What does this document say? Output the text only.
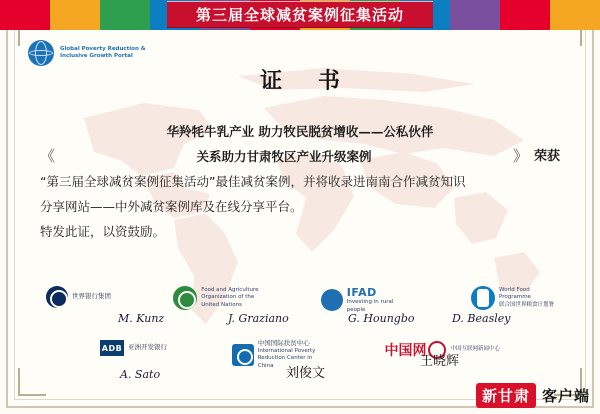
第三届全球减贫案例征集活动
Global Poverty Reduction &
Inclusive Growth Portal
证 书
华羚牦牛乳产业 助力牧民脱贫增收——公私伙伴
《	关系助力甘肃牧区产业升级案例	》 荣获
“第三届全球减贫案例征集活动”最佳减贫案例，并将收录进南南合作减贫知识
分享网站——中外减贫案例库及在线分享平台。
特发此证，以资鼓励。
世界银行集团
Food and Agriculture
Organization of the
United Nations
IFAD
Investing in rural people
World Food
Programme
联合国世界粮食计划署
ADB 亚洲开发银行
中国国际扶贫中心
International Poverty Reduction Center in China
中国网	中国互联网新闻中心
M. Kunz	J. Graziano	G. Houngbo	D. Beasley
A. Sato	刘俊文
王晓辉
新甘肃 客户端
